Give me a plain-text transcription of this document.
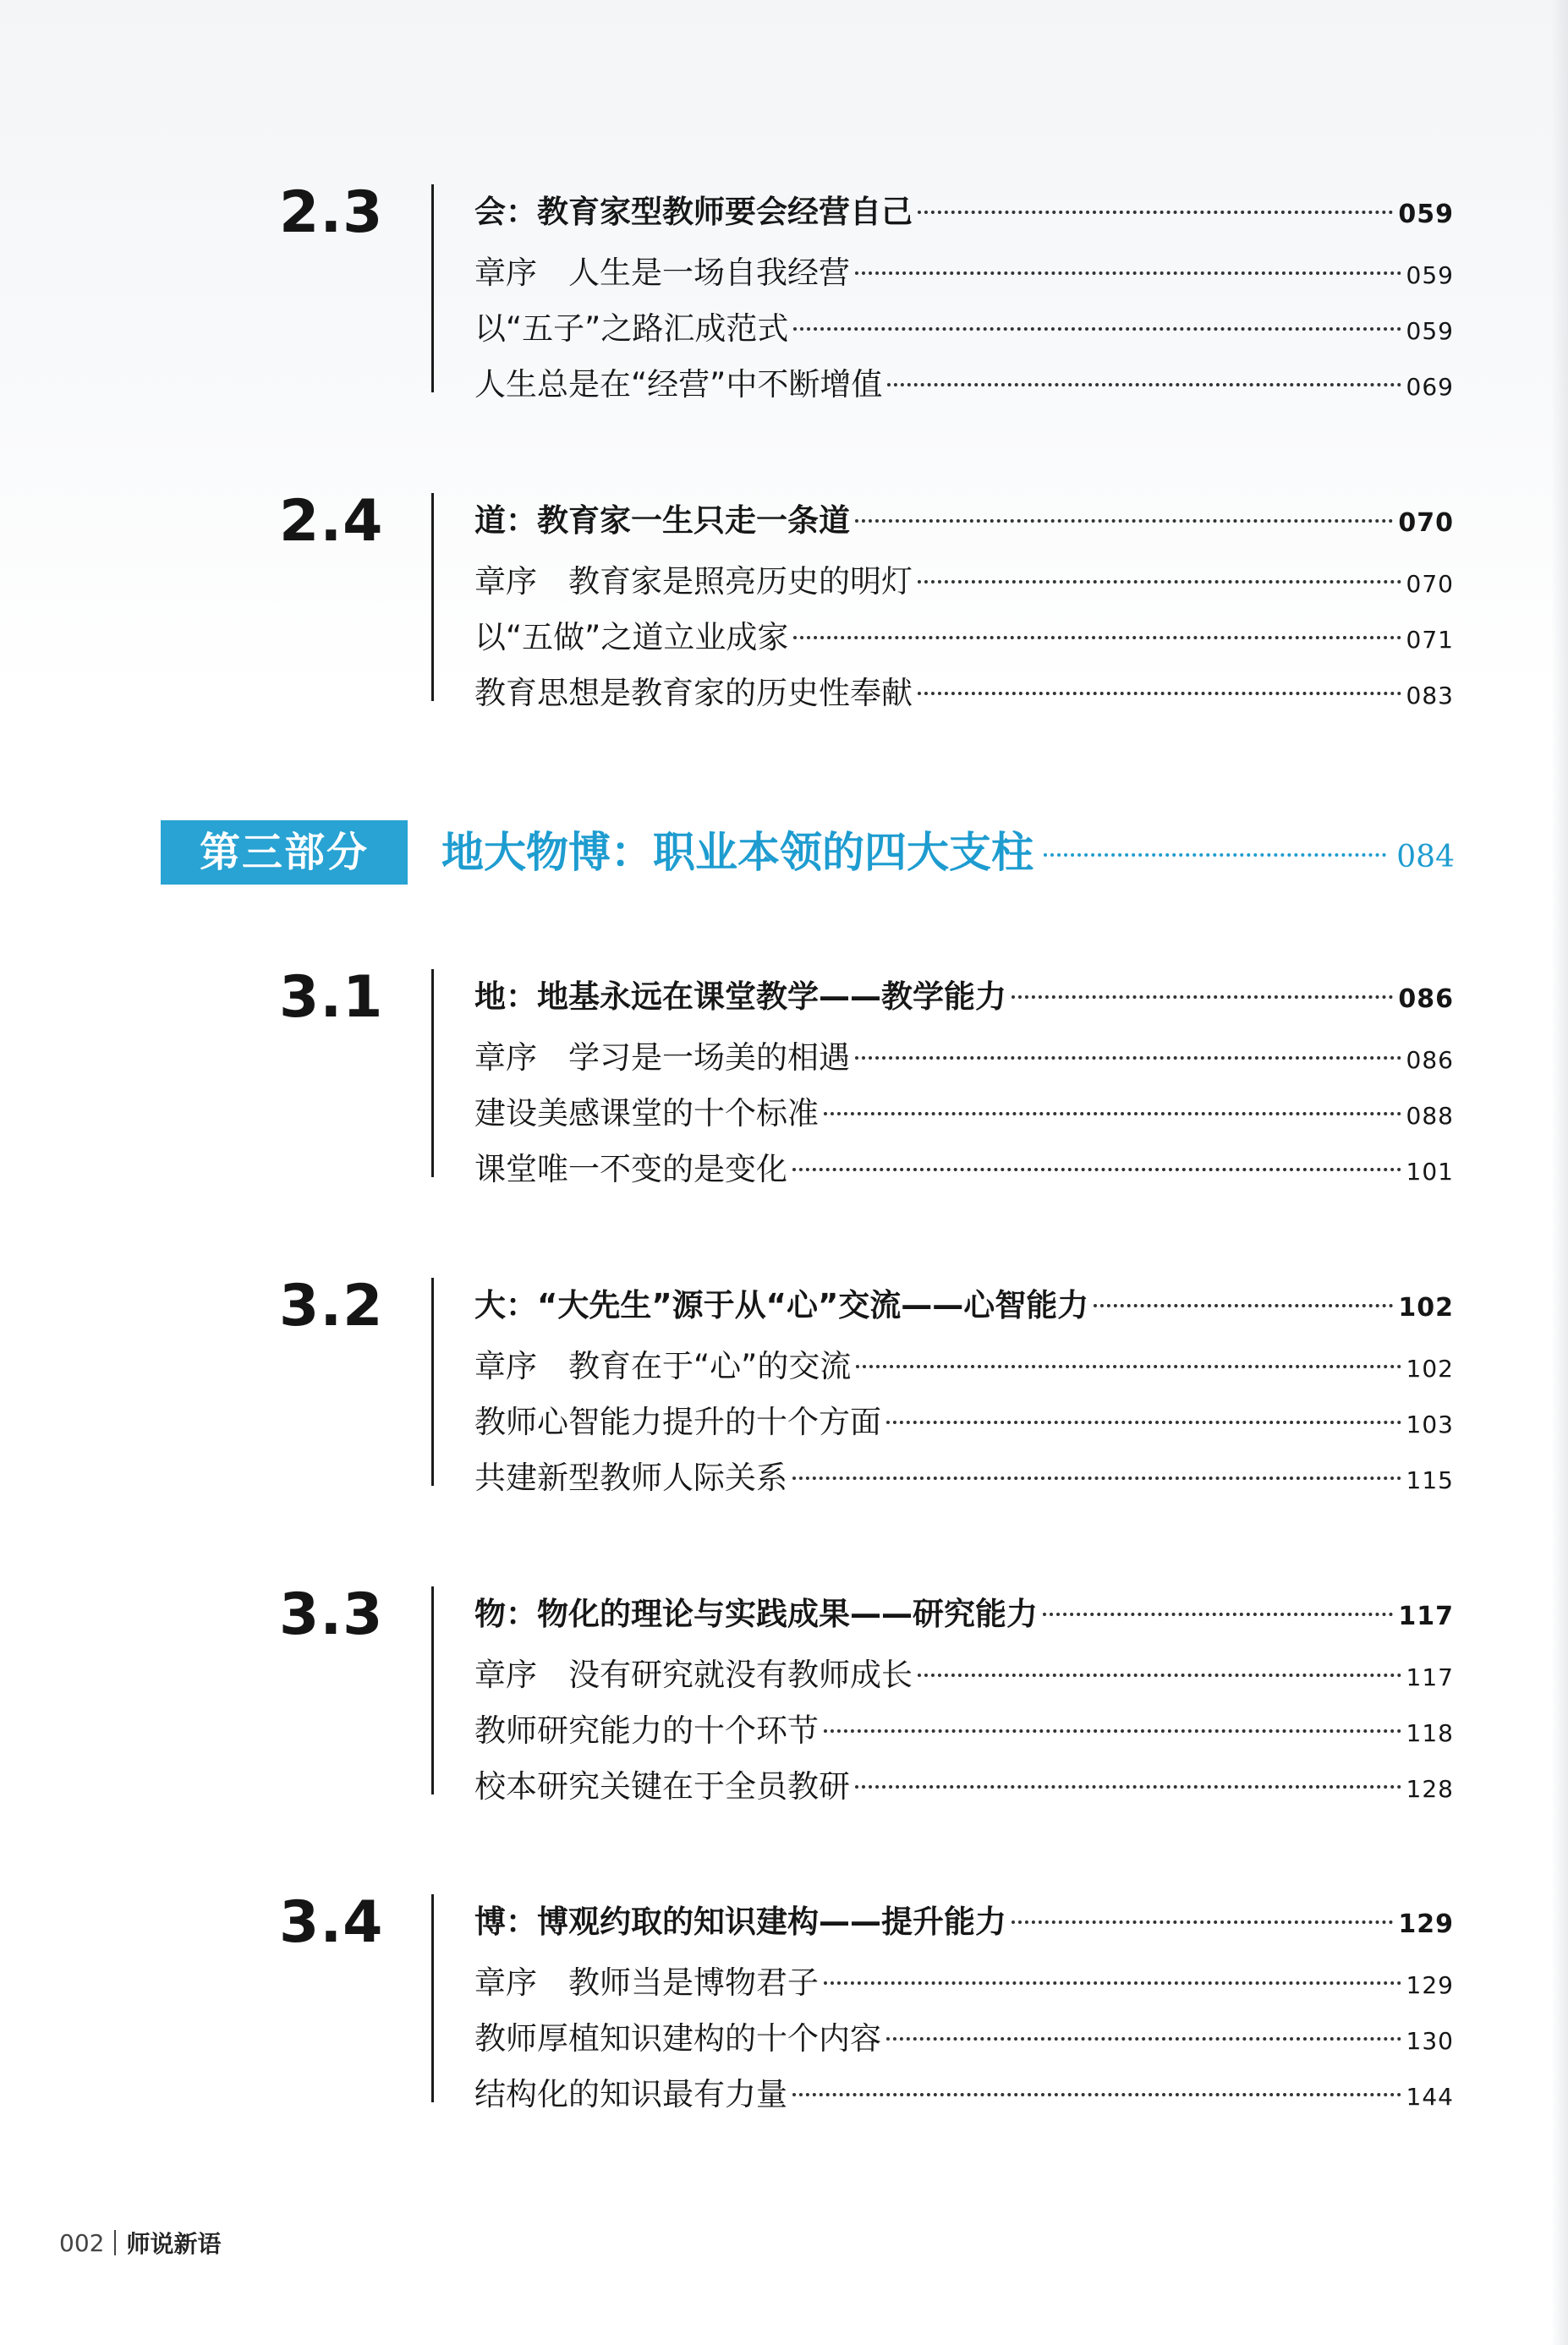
2.3	会：教育家型教师要会经营自己	059
章序　人生是一场自我经营	059
以“五子”之路汇成范式	059
人生总是在“经营”中不断增值	069
2.4	道：教育家一生只走一条道	070
章序　教育家是照亮历史的明灯	070
以“五做”之道立业成家	071
教育思想是教育家的历史性奉献	083
第三部分	地大物博：职业本领的四大支柱	084
3.1	地：地基永远在课堂教学——教学能力	086
章序　学习是一场美的相遇	086
建设美感课堂的十个标准	088
课堂唯一不变的是变化	101
3.2	大：“大先生”源于从“心”交流——心智能力	102
章序　教育在于“心”的交流	102
教师心智能力提升的十个方面	103
共建新型教师人际关系	115
3.3	物：物化的理论与实践成果——研究能力	117
章序　没有研究就没有教师成长	117
教师研究能力的十个环节	118
校本研究关键在于全员教研	128
3.4	博：博观约取的知识建构——提升能力	129
章序　教师当是博物君子	129
教师厚植知识建构的十个内容	130
结构化的知识最有力量	144
002 师说新语
